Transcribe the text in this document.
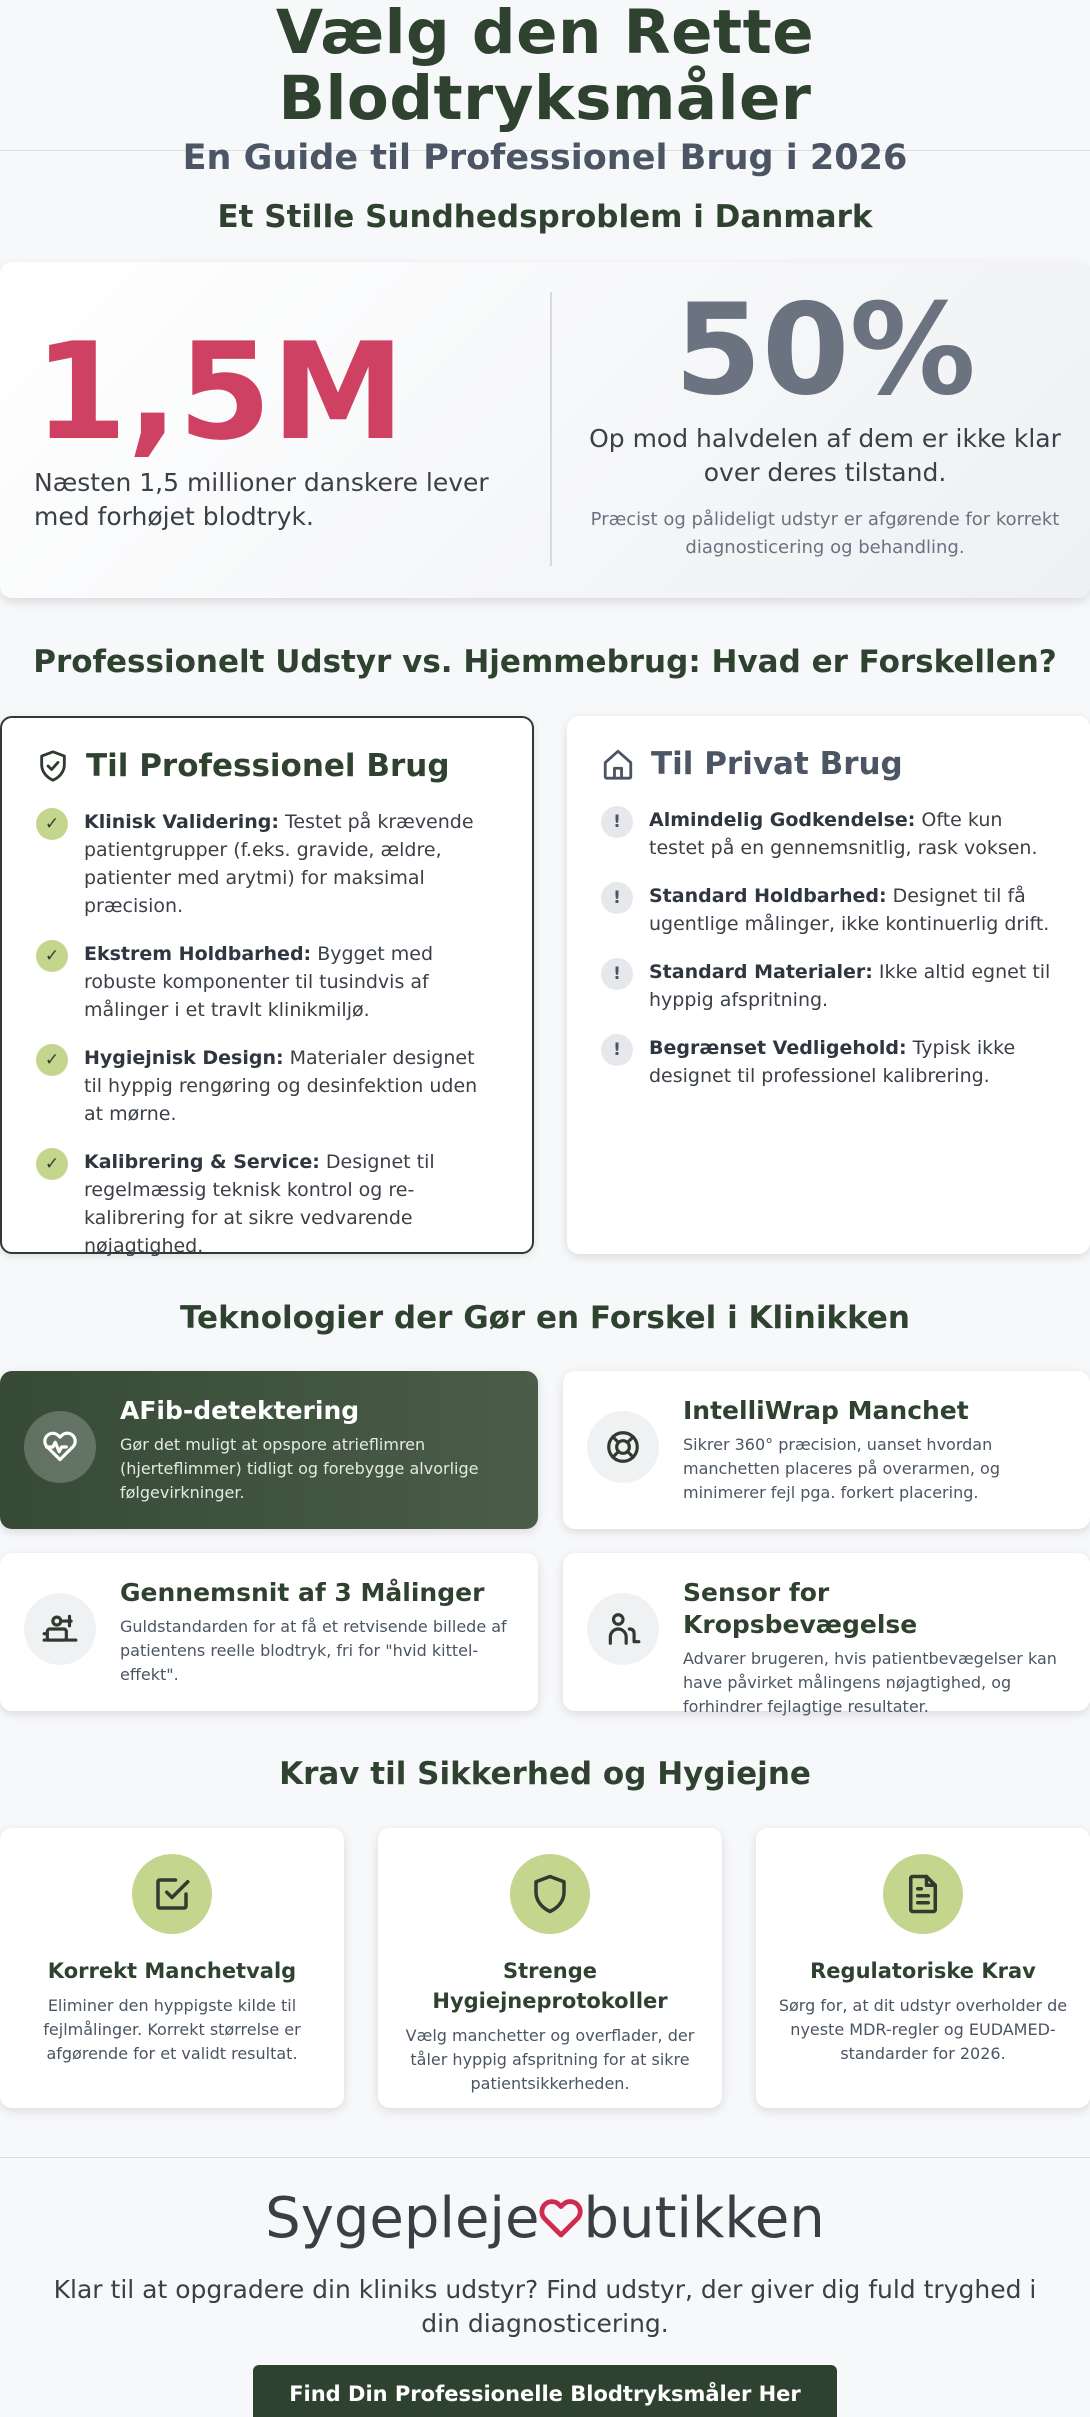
Vælg den Rette Blodtryksmåler
En Guide til Professionel Brug i 2026
Et Stille Sundhedsproblem i Danmark
1,5M
Næsten 1,5 millioner danskere lever med forhøjet blodtryk.
50%
Op mod halvdelen af dem er ikke klar over deres tilstand.
Præcist og pålideligt udstyr er afgørende for korrekt diagnosticering og behandling.
Professionelt Udstyr vs. Hjemmebrug: Hvad er Forskellen?
Til Professionel Brug
✓	Klinisk Validering: Testet på krævende patientgrupper (f.eks. gravide, ældre, patienter med arytmi) for maksimal præcision.
✓	Ekstrem Holdbarhed: Bygget med robuste komponenter til tusindvis af målinger i et travlt klinikmiljø.
✓	Hygiejnisk Design: Materialer designet til hyppig rengøring og desinfektion uden at mørne.
✓	Kalibrering & Service: Designet til regelmæssig teknisk kontrol og re-kalibrering for at sikre vedvarende nøjagtighed.
Til Privat Brug
!	Almindelig Godkendelse: Ofte kun testet på en gennemsnitlig, rask voksen.
!	Standard Holdbarhed: Designet til få ugentlige målinger, ikke kontinuerlig drift.
!	Standard Materialer: Ikke altid egnet til hyppig afspritning.
!	Begrænset Vedligehold: Typisk ikke designet til professionel kalibrering.
Teknologier der Gør en Forskel i Klinikken
AFib-detektering
Gør det muligt at opspore atrieflimren (hjerteflimmer) tidligt og forebygge alvorlige følgevirkninger.
IntelliWrap Manchet
Sikrer 360° præcision, uanset hvordan manchetten placeres på overarmen, og minimerer fejl pga. forkert placering.
Gennemsnit af 3 Målinger
Guldstandarden for at få et retvisende billede af patientens reelle blodtryk, fri for "hvid kittel-effekt".
Sensor for Kropsbevægelse
Advarer brugeren, hvis patientbevægelser kan have påvirket målingens nøjagtighed, og forhindrer fejlagtige resultater.
Krav til Sikkerhed og Hygiejne
Korrekt Manchetvalg
Eliminer den hyppigste kilde til fejlmålinger. Korrekt størrelse er afgørende for et validt resultat.
Strenge Hygiejneprotokoller
Vælg manchetter og overflader, der tåler hyppig afspritning for at sikre patientsikkerheden.
Regulatoriske Krav
Sørg for, at dit udstyr overholder de nyeste MDR-regler og EUDAMED-standarder for 2026.
Sygepleje butikken
Klar til at opgradere din kliniks udstyr? Find udstyr, der giver dig fuld tryghed i din diagnosticering.
Find Din Professionelle Blodtryksmåler Her
